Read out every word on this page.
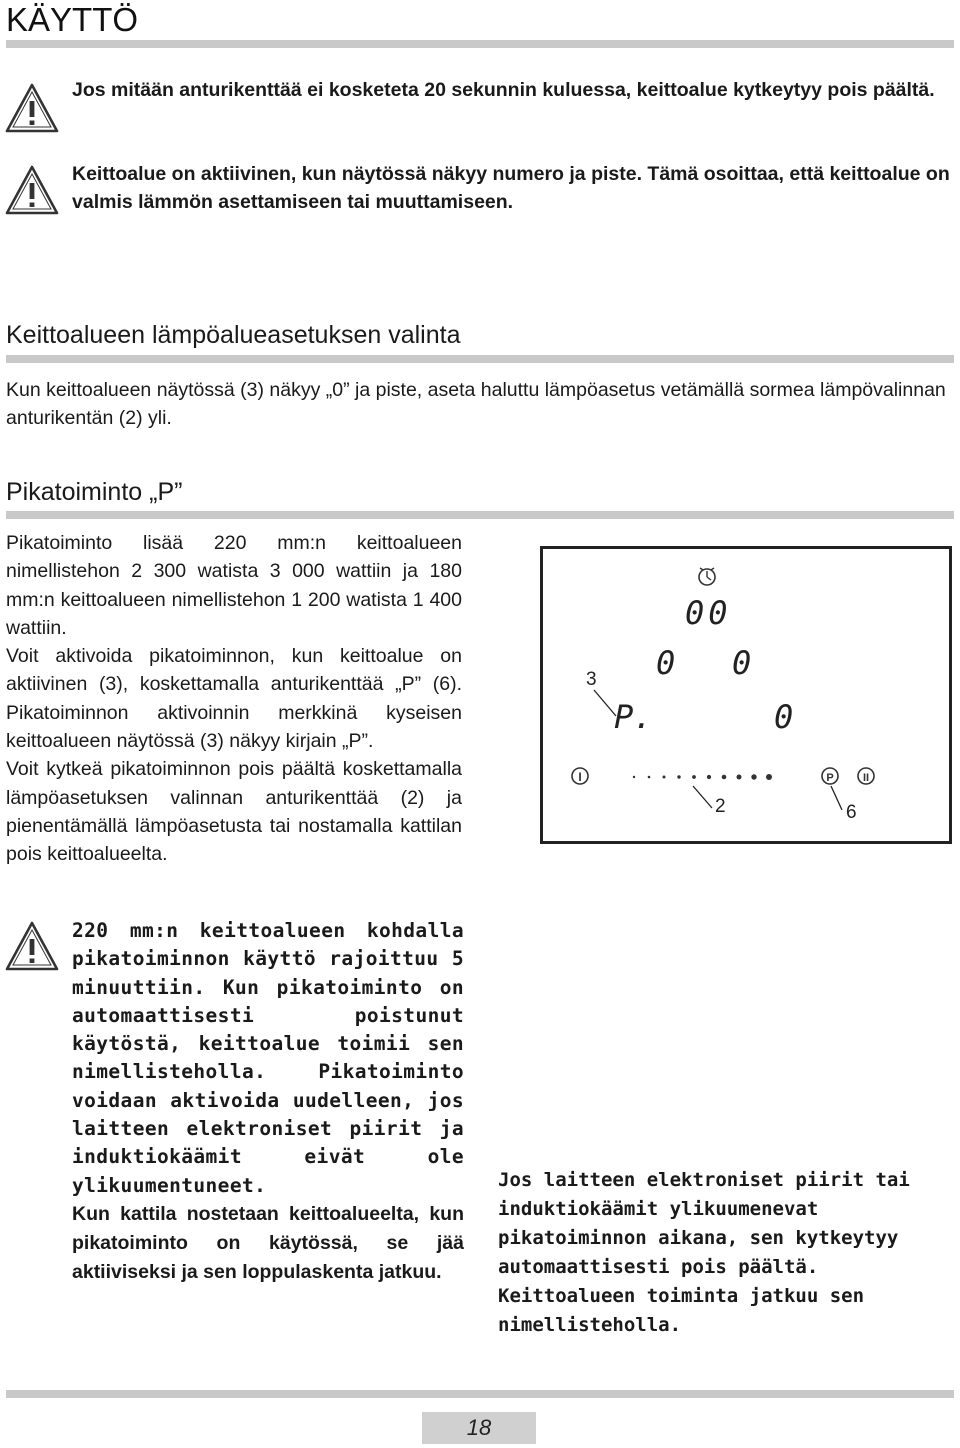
KÄYTTÖ
Jos mitään anturikenttää ei kosketeta 20 sekunnin kuluessa, keittoalue kytkeytyy pois päältä.
Keittoalue on aktiivinen, kun näytössä näkyy numero ja piste. Tämä osoittaa, että keittoalue on valmis lämmön asettamiseen tai muuttamiseen.
Keittoalueen lämpöalueasetuksen valinta
Kun keittoalueen näytössä (3) näkyy „0” ja piste, aseta haluttu lämpöasetus vetämällä sormea lämpövalinnan anturikentän (2) yli.
Pikatoiminto „P”

Pikatoiminto lisää 220 mm:n keittoalueen nimellistehon 2 300 watista 3 000 wattiin ja 180 mm:n keittoalueen nimellistehon 1 200 watista 1 400 wattiin.

Voit aktivoida pikatoiminnon, kun keittoalue on aktiivinen (3), koskettamalla anturikenttää „P” (6). Pikatoiminnon aktivoinnin merkkinä kyseisen keittoalueen näytössä (3) näkyy kirjain „P”.

Voit kytkeä pikatoiminnon pois päältä koskettamalla lämpöasetuksen valinnan anturikenttää (2) ja pienentämällä lämpöasetusta tai nostamalla kattilan pois keittoalueelta.

00
0 0
P.	0
3
I	P	II
2	6

220 mm:n keittoalueen kohdalla pikatoiminnon käyttö rajoittuu 5 minuuttiin. Kun pikatoiminto on automaattisesti poistunut käytöstä, keittoalue toimii sen nimellisteholla. Pikatoiminto voidaan aktivoida uudelleen, jos laitteen elektroniset piirit ja induktiokäämit eivät ole ylikuumentuneet.

Kun kattila nostetaan keittoalueelta, kun pikatoiminto on käytössä, se jää aktiiviseksi ja sen loppulaskenta jatkuu.

Jos laitteen elektroniset piirit tai induktiokäämit ylikuumenevat pikatoiminnon aikana, sen kytkeytyy automaattisesti pois päältä. Keittoalueen toiminta jatkuu sen nimellisteholla.
18
